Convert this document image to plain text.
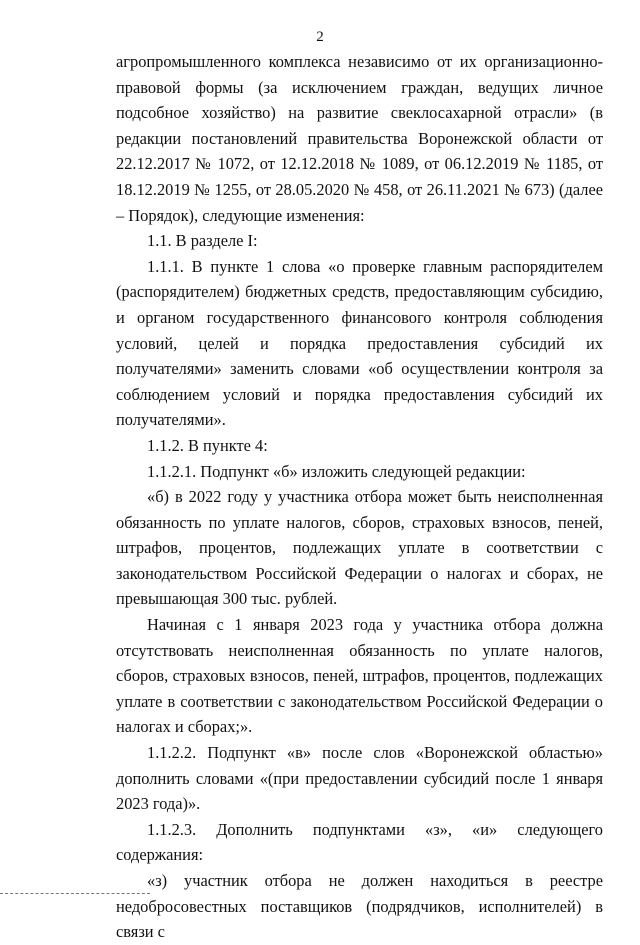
2

агропромышленного комплекса независимо от их организационно-правовой формы (за исключением граждан, ведущих личное подсобное хозяйство) на развитие свеклосахарной отрасли» (в редакции постановлений правительства Воронежской области от 22.12.2017 № 1072, от 12.12.2018 № 1089, от 06.12.2019 № 1185, от 18.12.2019 № 1255, от 28.05.2020 № 458, от 26.11.2021 № 673) (далее – Порядок), следующие изменения:

1.1. В разделе I:

1.1.1. В пункте 1 слова «о проверке главным распорядителем (распорядителем) бюджетных средств, предоставляющим субсидию, и органом государственного финансового контроля соблюдения условий, целей и порядка предоставления субсидий их получателями» заменить словами «об осуществлении контроля за соблюдением условий и порядка предоставления субсидий их получателями».

1.1.2. В пункте 4:

1.1.2.1. Подпункт «б» изложить следующей редакции:

«б) в 2022 году у участника отбора может быть неисполненная обязанность по уплате налогов, сборов, страховых взносов, пеней, штрафов, процентов, подлежащих уплате в соответствии с законодательством Российской Федерации о налогах и сборах, не превышающая 300 тыс. рублей.

Начиная с 1 января 2023 года у участника отбора должна отсутствовать неисполненная обязанность по уплате налогов, сборов, страховых взносов, пеней, штрафов, процентов, подлежащих уплате в соответствии с законодательством Российской Федерации о налогах и сборах;».

1.1.2.2. Подпункт «в» после слов «Воронежской областью» дополнить словами «(при предоставлении субсидий после 1 января 2023 года)».

1.1.2.3. Дополнить подпунктами «з», «и» следующего содержания:

«з) участник отбора не должен находиться в реестре недобросовестных поставщиков (подрядчиков, исполнителей) в связи с
